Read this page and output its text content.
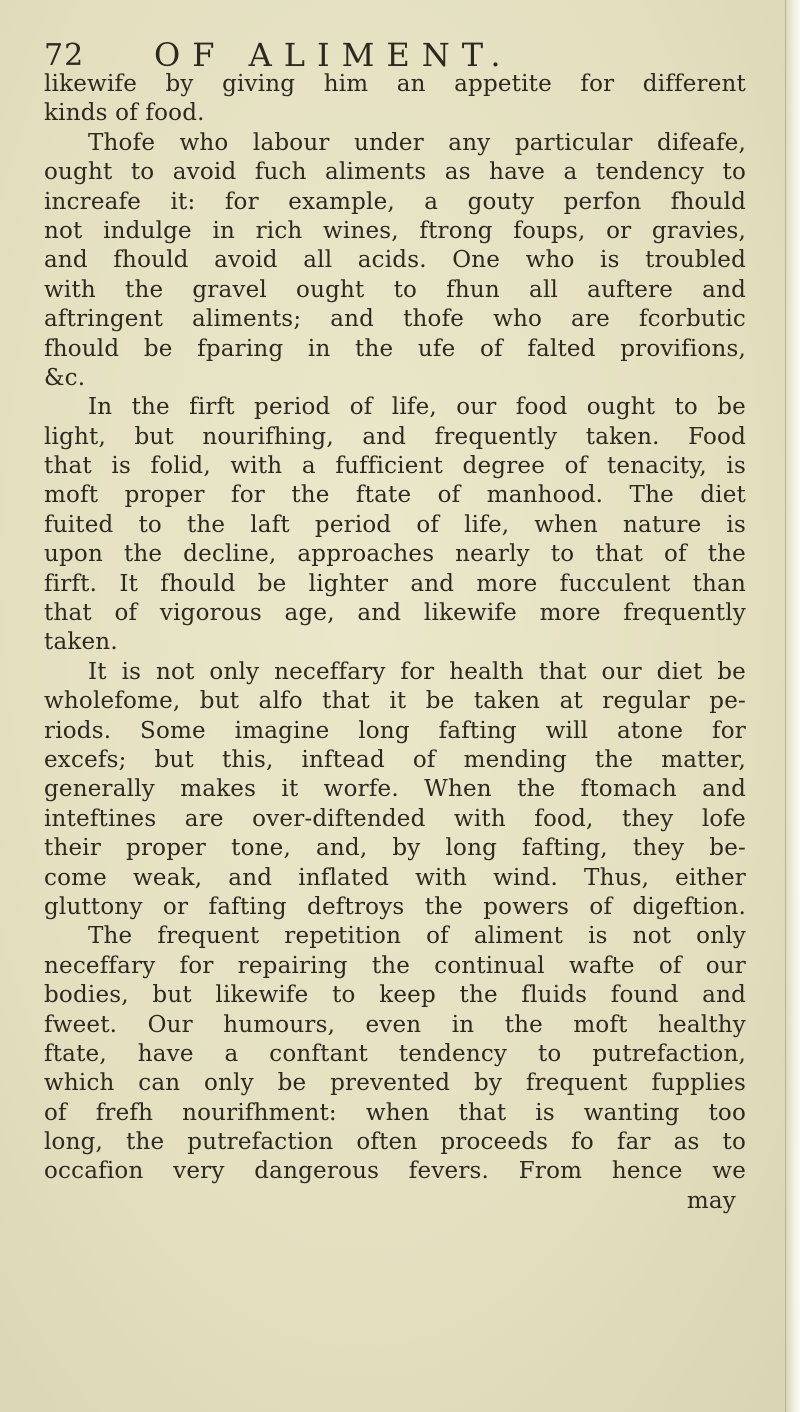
72 OF ALIMENT.
likewife by giving him an appetite for different
kinds of food.
Thofe who labour under any particular difeafe,
ought to avoid fuch aliments as have a tendency to
increafe it: for example, a gouty perfon fhould
not indulge in rich wines, ftrong foups, or gravies,
and fhould avoid all acids. One who is troubled
with the gravel ought to fhun all auftere and
aftringent aliments; and thofe who are fcorbutic
fhould be fparing in the ufe of falted provifions,
&c.
In the firft period of life, our food ought to be
light, but nourifhing, and frequently taken. Food
that is folid, with a fufficient degree of tenacity, is
moft proper for the ftate of manhood. The diet
fuited to the laft period of life, when nature is
upon the decline, approaches nearly to that of the
firft. It fhould be lighter and more fucculent than
that of vigorous age, and likewife more frequently
taken.
It is not only neceffary for health that our diet be
wholefome, but alfo that it be taken at regular pe-
riods. Some imagine long fafting will atone for
excefs; but this, inftead of mending the matter,
generally makes it worfe. When the ftomach and
inteftines are over-diftended with food, they lofe
their proper tone, and, by long fafting, they be-
come weak, and inflated with wind. Thus, either
gluttony or fafting deftroys the powers of digeftion.
The frequent repetition of aliment is not only
neceffary for repairing the continual wafte of our
bodies, but likewife to keep the fluids found and
fweet. Our humours, even in the moft healthy
ftate, have a conftant tendency to putrefaction,
which can only be prevented by frequent fupplies
of frefh nourifhment: when that is wanting too
long, the putrefaction often proceeds fo far as to
occafion very dangerous fevers. From hence we
may
